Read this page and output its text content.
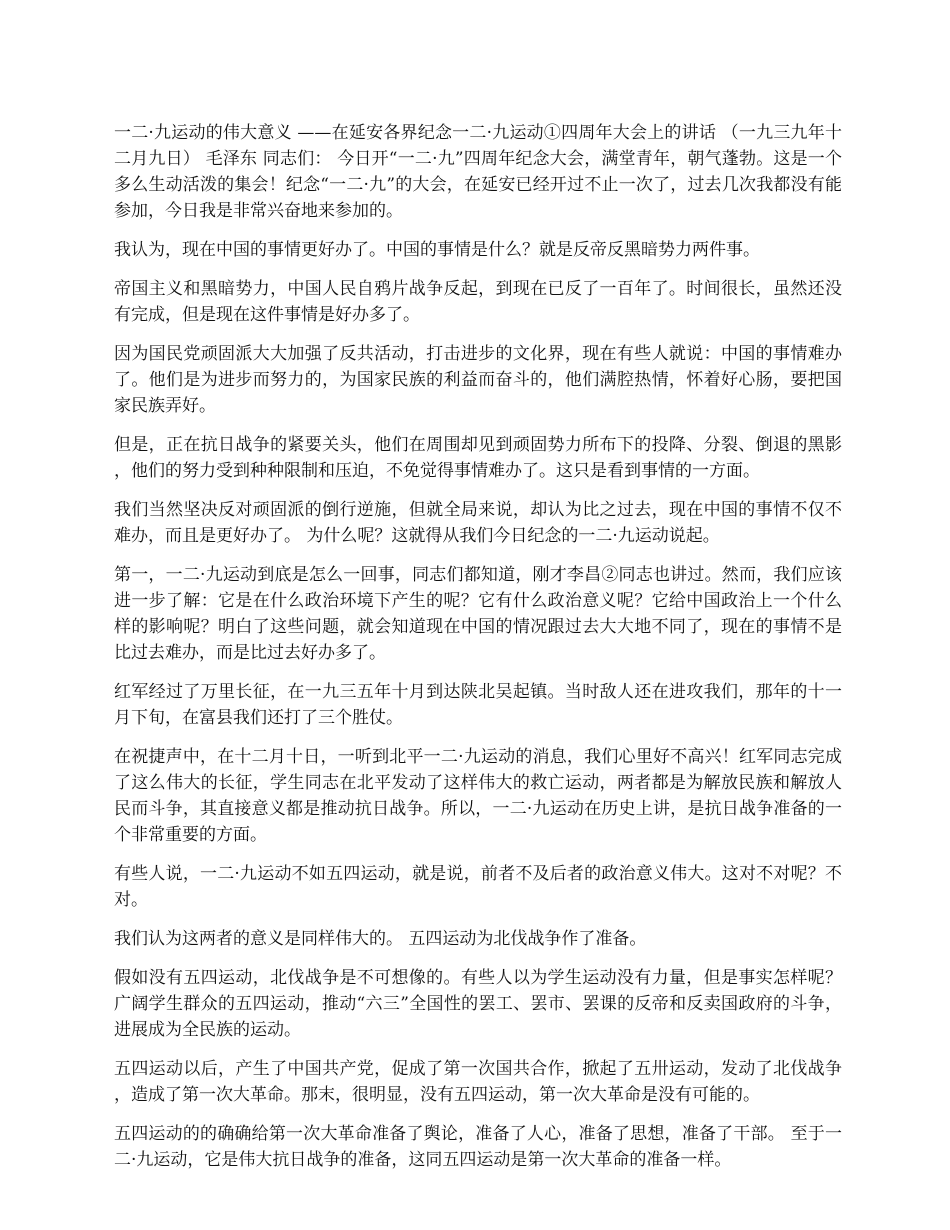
一二·九运动的伟大意义 ——在延安各界纪念一二·九运动①四周年大会上的讲话 （一九三九年十二月九日） 毛泽东 同志们： 今日开“一二·九”四周年纪念大会，满堂青年，朝气蓬勃。这是一个多么生动活泼的集会！纪念“一二·九”的大会，在延安已经开过不止一次了，过去几次我都没有能参加，今日我是非常兴奋地来参加的。

我认为，现在中国的事情更好办了。中国的事情是什么？就是反帝反黑暗势力两件事。

帝国主义和黑暗势力，中国人民自鸦片战争反起，到现在已反了一百年了。时间很长，虽然还没有完成，但是现在这件事情是好办多了。

因为国民党顽固派大大加强了反共活动，打击进步的文化界，现在有些人就说：中国的事情难办了。他们是为进步而努力的，为国家民族的利益而奋斗的，他们满腔热情，怀着好心肠，要把国家民族弄好。

但是，正在抗日战争的紧要关头，他们在周围却见到顽固势力所布下的投降、分裂、倒退的黑影，他们的努力受到种种限制和压迫，不免觉得事情难办了。这只是看到事情的一方面。

我们当然坚决反对顽固派的倒行逆施，但就全局来说，却认为比之过去，现在中国的事情不仅不难办，而且是更好办了。 为什么呢？这就得从我们今日纪念的一二·九运动说起。

第一，一二·九运动到底是怎么一回事，同志们都知道，刚才李昌②同志也讲过。然而，我们应该进一步了解：它是在什么政治环境下产生的呢？它有什么政治意义呢？它给中国政治上一个什么样的影响呢？明白了这些问题，就会知道现在中国的情况跟过去大大地不同了，现在的事情不是比过去难办，而是比过去好办多了。

红军经过了万里长征，在一九三五年十月到达陕北吴起镇。当时敌人还在进攻我们，那年的十一月下旬，在富县我们还打了三个胜仗。

在祝捷声中，在十二月十日，一听到北平一二·九运动的消息，我们心里好不高兴！红军同志完成了这么伟大的长征，学生同志在北平发动了这样伟大的救亡运动，两者都是为解放民族和解放人民而斗争，其直接意义都是推动抗日战争。所以，一二·九运动在历史上讲，是抗日战争准备的一个非常重要的方面。

有些人说，一二·九运动不如五四运动，就是说，前者不及后者的政治意义伟大。这对不对呢？不对。

我们认为这两者的意义是同样伟大的。 五四运动为北伐战争作了准备。

假如没有五四运动，北伐战争是不可想像的。有些人以为学生运动没有力量，但是事实怎样呢？广阔学生群众的五四运动，推动“六三”全国性的罢工、罢市、罢课的反帝和反卖国政府的斗争，进展成为全民族的运动。

五四运动以后，产生了中国共产党，促成了第一次国共合作，掀起了五卅运动，发动了北伐战争，造成了第一次大革命。那末，很明显，没有五四运动，第一次大革命是没有可能的。

五四运动的的确确给第一次大革命准备了舆论，准备了人心，准备了思想，准备了干部。 至于一二·九运动，它是伟大抗日战争的准备，这同五四运动是第一次大革命的准备一样。
